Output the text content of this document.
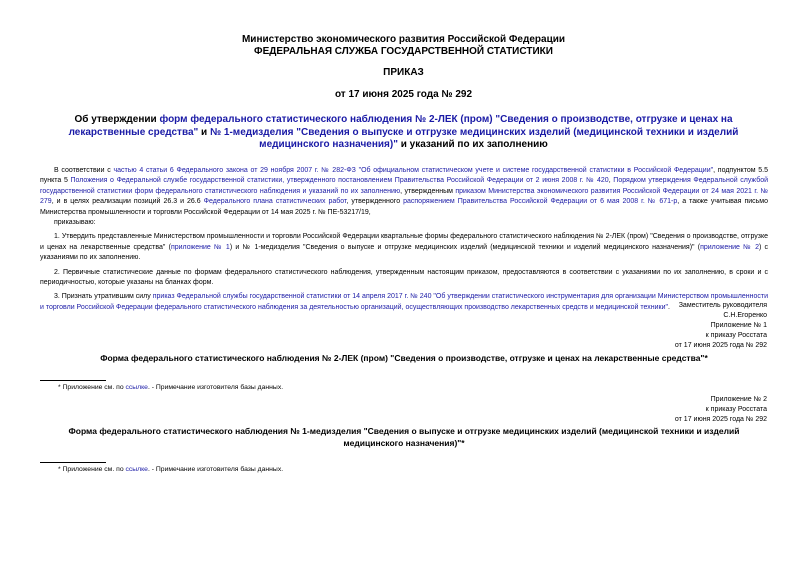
Министерство экономического развития Российской Федерации
ФЕДЕРАЛЬНАЯ СЛУЖБА ГОСУДАРСТВЕННОЙ СТАТИСТИКИ
ПРИКАЗ
от 17 июня 2025 года № 292
Об утверждении форм федерального статистического наблюдения № 2-ЛЕК (пром) "Сведения о производстве, отгрузке и ценах на лекарственные средства" и № 1-медизделия "Сведения о выпуске и отгрузке медицинских изделий (медицинской техники и изделий медицинского назначения)" и указаний по их заполнению

В соответствии с частью 4 статьи 6 Федерального закона от 29 ноября 2007 г. № 282-ФЗ "Об официальном статистическом учете и системе государственной статистики в Российской Федерации", подпунктом 5.5 пункта 5 Положения о Федеральной службе государственной статистики, утвержденного постановлением Правительства Российской Федерации от 2 июня 2008 г. № 420, Порядком утверждения Федеральной службой государственной статистики форм федерального статистического наблюдения и указаний по их заполнению, утвержденным приказом Министерства экономического развития Российской Федерации от 24 мая 2021 г. № 279, и в целях реализации позиций 26.3 и 26.6 Федерального плана статистических работ, утвержденного распоряжением Правительства Российской Федерации от 6 мая 2008 г. № 671-р, а также учитывая письмо Министерства промышленности и торговли Российской Федерации от 14 мая 2025 г. № ПЕ-53217/19,

приказываю:

1. Утвердить представленные Министерством промышленности и торговли Российской Федерации квартальные формы федерального статистического наблюдения № 2-ЛЕК (пром) "Сведения о производстве, отгрузке и ценах на лекарственные средства" (приложение № 1) и № 1-медизделия "Сведения о выпуске и отгрузке медицинских изделий (медицинской техники и изделий медицинского назначения)" (приложение № 2) с указаниями по их заполнению.

2. Первичные статистические данные по формам федерального статистического наблюдения, утвержденным настоящим приказом, предоставляются в соответствии с указаниями по их заполнению, в сроки и с периодичностью, которые указаны на бланках форм.

3. Признать утратившим силу приказ Федеральной службы государственной статистики от 14 апреля 2017 г. № 240 "Об утверждении статистического инструментария для организации Министерством промышленности и торговли Российской Федерации федерального статистического наблюдения за деятельностью организаций, осуществляющих производство лекарственных средств и медицинской техники".	Заместитель руководителя
С.Н.Егоренко
Приложение № 1
к приказу Росстата
от 17 июня 2025 года № 292
Форма федерального статистического наблюдения № 2-ЛЕК (пром) "Сведения о производстве, отгрузке и ценах на лекарственные средства"*
* Приложение см. по ссылке. - Примечание изготовителя базы данных.
Приложение № 2
к приказу Росстата
от 17 июня 2025 года № 292
Форма федерального статистического наблюдения № 1-медизделия "Сведения о выпуске и отгрузке медицинских изделий (медицинской техники и изделий медицинского назначения)"*
* Приложение см. по ссылке. - Примечание изготовителя базы данных.
